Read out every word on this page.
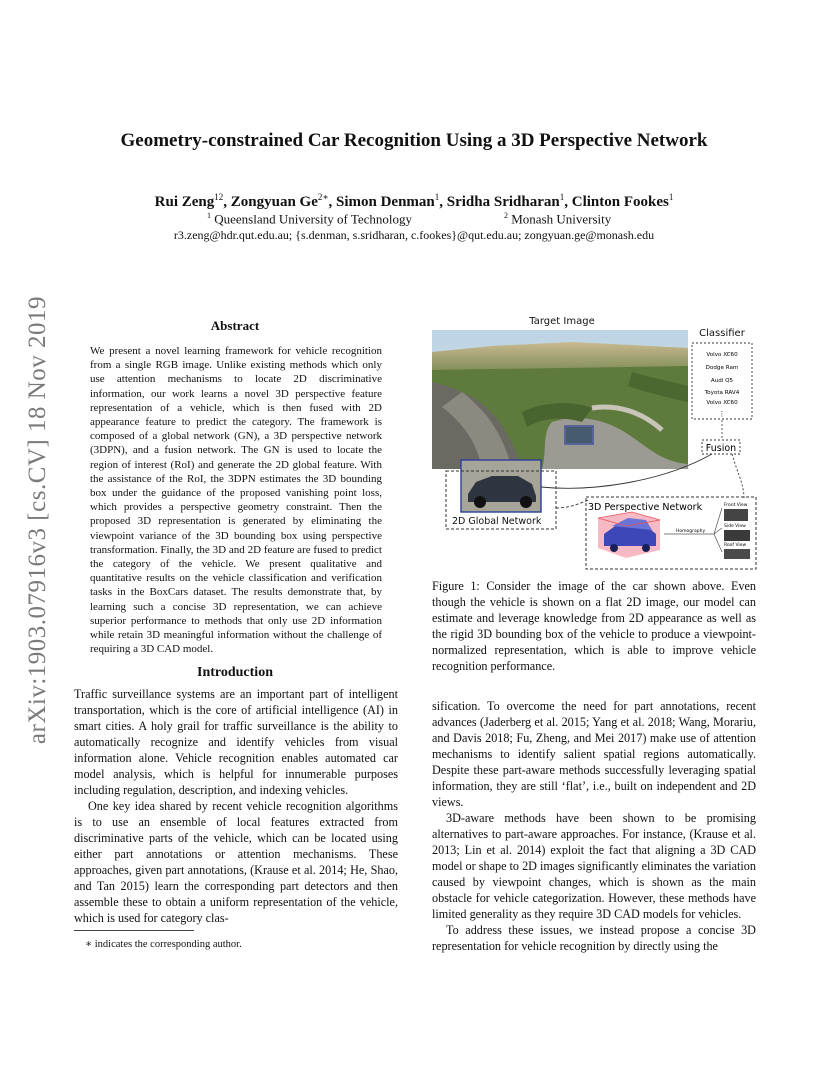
arXiv:1903.07916v3 [cs.CV] 18 Nov 2019
Geometry-constrained Car Recognition Using a 3D Perspective Network
Rui Zeng$^{12}$, Zongyuan $Ge^{2∗}$, Simon Denman$^1$, Sridha Sridharan$^1$, Clinton Fookes$^1$
$^1$ Queensland University of Technology	$^2$ Monash University
r3.zeng@hdr.qut.edu.au; {s.denman, s.sridharan, c.fookes}@qut.edu.au; zongyuan.ge@monash.edu
Abstract
We present a novel learning framework for vehicle recognition from a single RGB image. Unlike existing methods which only use attention mechanisms to locate 2D discriminative information, our work learns a novel 3D perspective feature representation of a vehicle, which is then fused with 2D appearance feature to predict the category. The framework is composed of a global network (GN), a 3D perspective network (3DPN), and a fusion network. The GN is used to locate the region of interest (RoI) and generate the 2D global feature. With the assistance of the RoI, the 3DPN estimates the 3D bounding box under the guidance of the proposed vanishing point loss, which provides a perspective geometry constraint. Then the proposed 3D representation is generated by eliminating the viewpoint variance of the 3D bounding box using perspective transformation. Finally, the 3D and 2D feature are fused to predict the category of the vehicle. We present qualitative and quantitative results on the vehicle classification and verification tasks in the BoxCars dataset. The results demonstrate that, by learning such a concise 3D representation, we can achieve superior performance to methods that only use 2D information while retain 3D meaningful information without the challenge of requiring a 3D CAD model.
Introduction

Traffic surveillance systems are an important part of intelligent transportation, which is the core of artificial intelligence (AI) in smart cities. A holy grail for traffic surveillance is the ability to automatically recognize and identify vehicles from visual information alone. Vehicle recognition enables automated car model analysis, which is helpful for innumerable purposes including regulation, description, and indexing vehicles.

One key idea shared by recent vehicle recognition algorithms is to use an ensemble of local features extracted from discriminative parts of the vehicle, which can be located using either part annotations or attention mechanisms. These approaches, given part annotations, (Krause et al. 2014; He, Shao, and Tan 2015) learn the corresponding part detectors and then assemble these to obtain a uniform representation of the vehicle, which is used for category clas-

Target Image
2D Global Network
Classifier
Volvo XC60
Dodge Ram
Audi Q5
Toyota RAV4
Volvo XC60
⋮
Fusion
3D Perspective Network
Homography
Front View
Side View
Roof View
Figure 1: Consider the image of the car shown above. Even though the vehicle is shown on a flat 2D image, our model can estimate and leverage knowledge from 2D appearance as well as the rigid 3D bounding box of the vehicle to produce a viewpoint-normalized representation, which is able to improve vehicle recognition performance.

sification. To overcome the need for part annotations, recent advances (Jaderberg et al. 2015; Yang et al. 2018; Wang, Morariu, and Davis 2018; Fu, Zheng, and Mei 2017) make use of attention mechanisms to identify salient spatial regions automatically. Despite these part-aware methods successfully leveraging spatial information, they are still ‘flat’, i.e., built on independent and 2D views.

3D-aware methods have been shown to be promising alternatives to part-aware approaches. For instance, (Krause et al. 2013; Lin et al. 2014) exploit the fact that aligning a 3D CAD model or shape to 2D images significantly eliminates the variation caused by viewpoint changes, which is shown as the main obstacle for vehicle categorization. However, these methods have limited generality as they require 3D CAD models for vehicles.

To address these issues, we instead propose a concise 3D representation for vehicle recognition by directly using the

∗ indicates the corresponding author.
